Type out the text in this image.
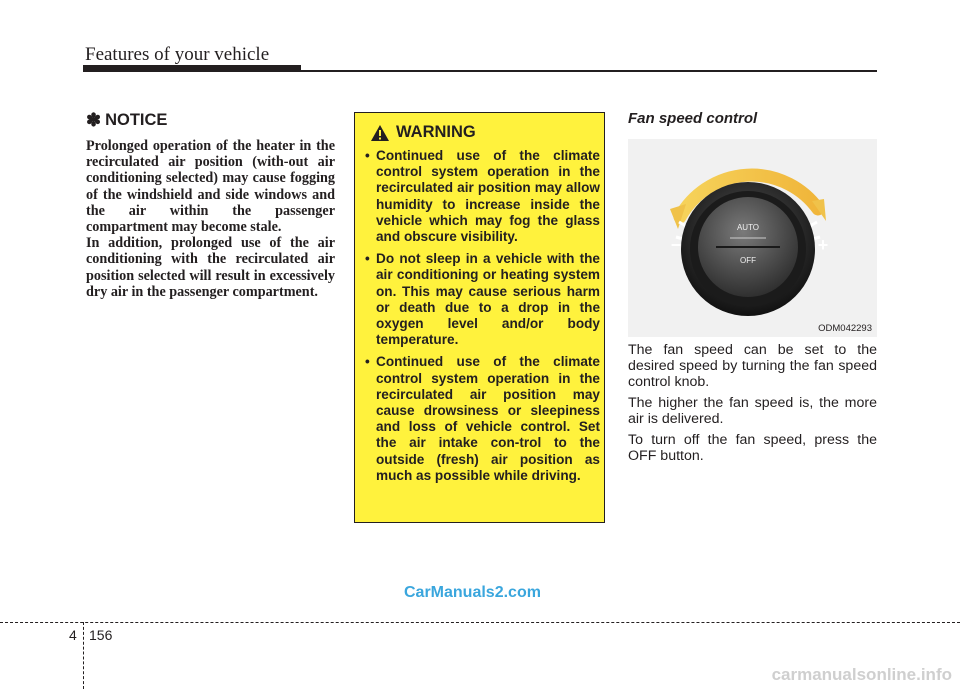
Features of your vehicle
✽ NOTICE

Prolonged operation of the heater in the recirculated air position (with-out air conditioning selected) may cause fogging of the windshield and side windows and the air within the passenger compartment may become stale.

In addition, prolonged use of the air conditioning with the recirculated air position selected will result in excessively dry air in the passenger compartment.

WARNING
• Continued use of the climate control system operation in the recirculated air position may allow humidity to increase inside the vehicle which may fog the glass and obscure visibility.
• Do not sleep in a vehicle with the air conditioning or heating system on. This may cause serious harm or death due to a drop in the oxygen level and/or body temperature.
• Continued use of the climate control system operation in the recirculated air position may cause drowsiness or sleepiness and loss of vehicle control. Set the air intake con-trol to the outside (fresh) air position as much as possible while driving.
Fan speed control
−	+
AUTO
OFF
ODM042293

The fan speed can be set to the desired speed by turning the fan speed control knob.

The higher the fan speed is, the more air is delivered.

To turn off the fan speed, press the OFF button.

CarManuals2.com
4 156
carmanualsonline.info
